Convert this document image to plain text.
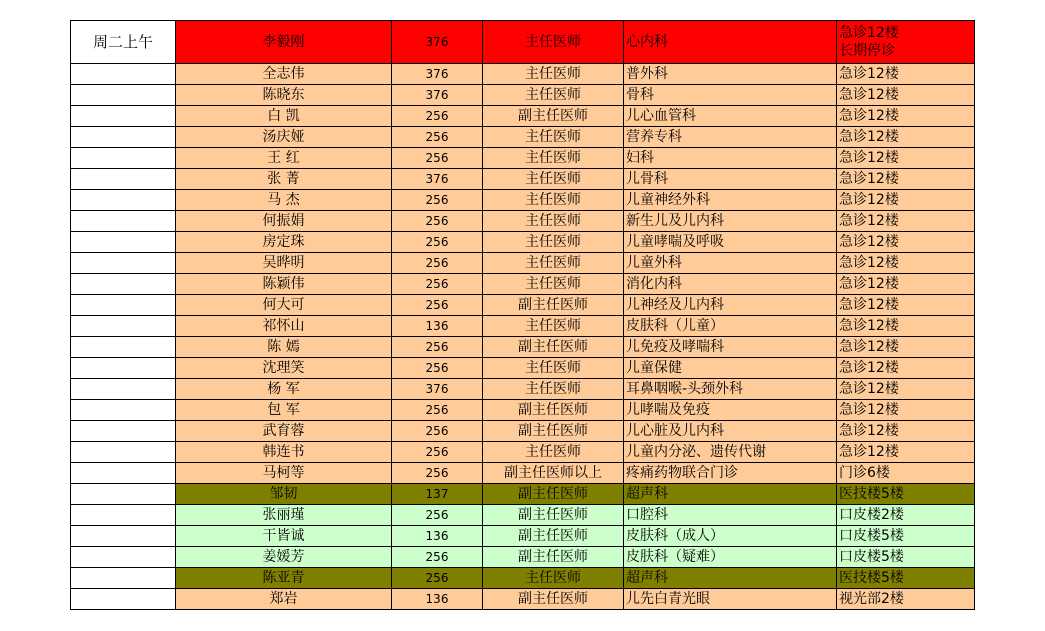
周二上午	李毅刚	376	主任医师	心内科	急诊12楼
长期停诊

	全志伟	376	主任医师	普外科	急诊12楼

	陈晓东	376	主任医师	骨科	急诊12楼

	白 凯	256	副主任医师	儿心血管科	急诊12楼

	汤庆娅	256	主任医师	营养专科	急诊12楼

	王 红	256	主任医师	妇科	急诊12楼

	张 菁	376	主任医师	儿骨科	急诊12楼

	马 杰	256	主任医师	儿童神经外科	急诊12楼

	何振娟	256	主任医师	新生儿及儿内科	急诊12楼

	房定珠	256	主任医师	儿童哮喘及呼吸	急诊12楼

	吴晔明	256	主任医师	儿童外科	急诊12楼

	陈颖伟	256	主任医师	消化内科	急诊12楼

	何大可	256	副主任医师	儿神经及儿内科	急诊12楼

	祁怀山	136	主任医师	皮肤科（儿童）	急诊12楼

	陈 嫣	256	副主任医师	儿免疫及哮喘科	急诊12楼

	沈理笑	256	主任医师	儿童保健	急诊12楼

	杨 军	376	主任医师	耳鼻咽喉-头颈外科	急诊12楼

	包 军	256	副主任医师	儿哮喘及免疫	急诊12楼

	武育蓉	256	副主任医师	儿心脏及儿内科	急诊12楼

	韩连书	256	主任医师	儿童内分泌、遗传代谢	急诊12楼

	马柯等	256	副主任医师以上	疼痛药物联合门诊	门诊6楼

	邹韧	137	副主任医师	超声科	医技楼5楼

	张丽瑾	256	副主任医师	口腔科	口皮楼2楼

	干皆诚	136	副主任医师	皮肤科（成人）	口皮楼5楼

	姜媛芳	256	副主任医师	皮肤科（疑难）	口皮楼5楼

	陈亚青	256	主任医师	超声科	医技楼5楼

	郑岩	136	副主任医师	儿先白青光眼	视光部2楼
